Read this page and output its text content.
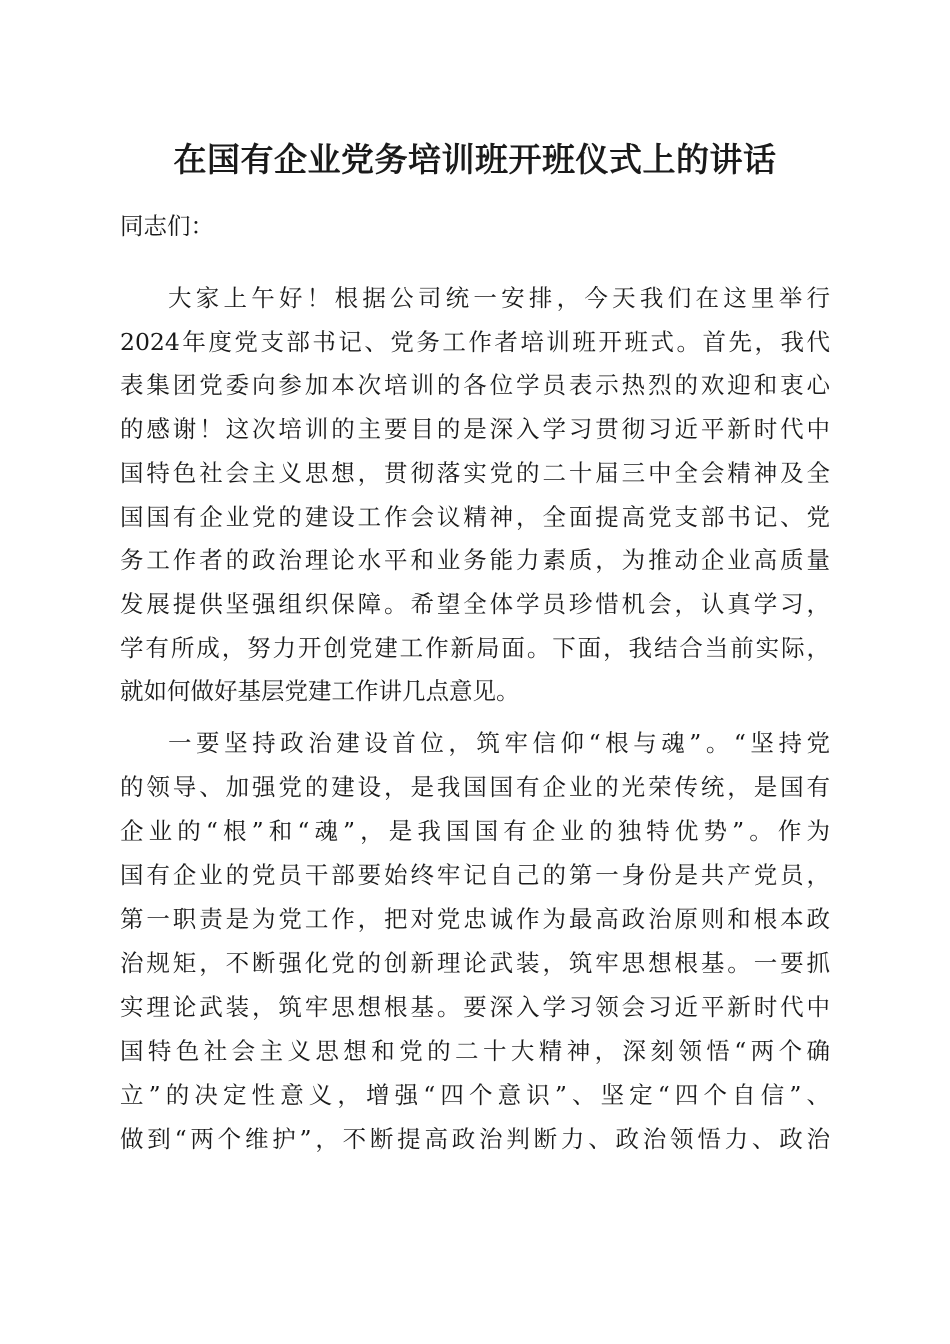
在国有企业党务培训班开班仪式上的讲话

同志们：

大家上午好！根据公司统一安排，今天我们在这里举行

2024年度党支部书记、党务工作者培训班开班式。首先，我代

表集团党委向参加本次培训的各位学员表示热烈的欢迎和衷心

的感谢！这次培训的主要目的是深入学习贯彻习近平新时代中

国特色社会主义思想，贯彻落实党的二十届三中全会精神及全

国国有企业党的建设工作会议精神，全面提高党支部书记、党

务工作者的政治理论水平和业务能力素质，为推动企业高质量

发展提供坚强组织保障。希望全体学员珍惜机会，认真学习，

学有所成，努力开创党建工作新局面。下面，我结合当前实际，

就如何做好基层党建工作讲几点意见。

一要坚持政治建设首位，筑牢信仰“根与魂”。“坚持党

的领导、加强党的建设，是我国国有企业的光荣传统，是国有

企业的“根”和“魂”，是我国国有企业的独特优势”。作为

国有企业的党员干部要始终牢记自己的第一身份是共产党员，

第一职责是为党工作，把对党忠诚作为最高政治原则和根本政

治规矩，不断强化党的创新理论武装，筑牢思想根基。一要抓

实理论武装，筑牢思想根基。要深入学习领会习近平新时代中

国特色社会主义思想和党的二十大精神，深刻领悟“两个确

立”的决定性意义，增强“四个意识”、坚定“四个自信”、

做到“两个维护”，不断提高政治判断力、政治领悟力、政治
